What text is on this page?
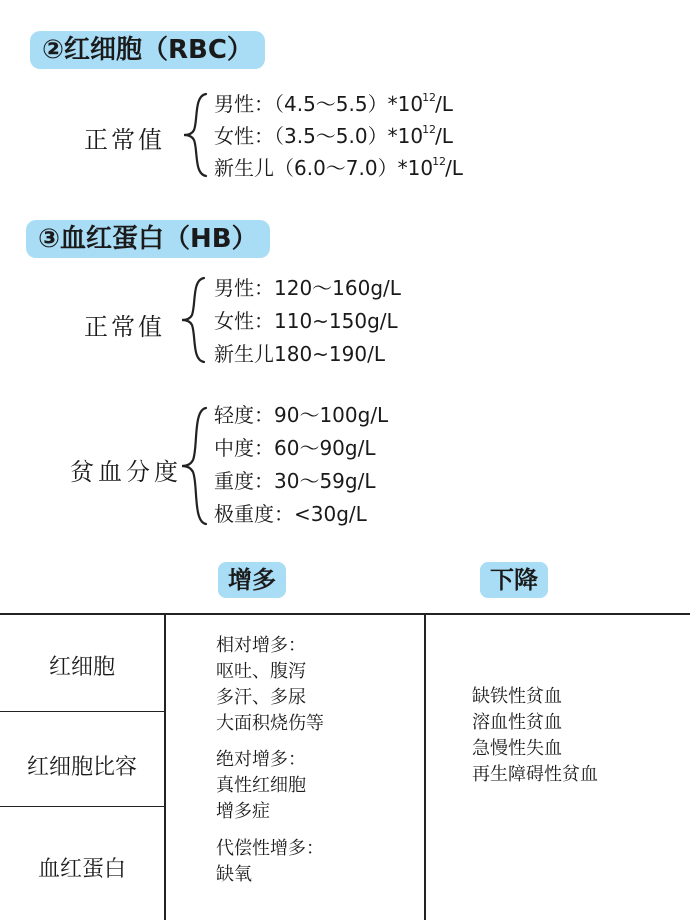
②红细胞（RBC）
正常值
男性：$(4.5\sim 5.5)*10^{12}/L$
女性：$(3.5\sim 5.0)*10^{12}/L$
新生儿$(6.0\sim 7.0)*10^{12}/L$
③血红蛋白（HB）
正常值
男性：120～160g/L
女性：110~150g/L
新生儿180~190/L
贫血分度
轻度：90～100g/L
中度：60～90g/L
重度：30～59g/L
极重度：<30g/L
增多	下降
红细胞
红细胞比容
血红蛋白
相对增多：
呕吐、腹泻
多汗、多尿
大面积烧伤等
绝对增多：
真性红细胞
增多症
代偿性增多：
缺氧
缺铁性贫血
溶血性贫血
急慢性失血
再生障碍性贫血
